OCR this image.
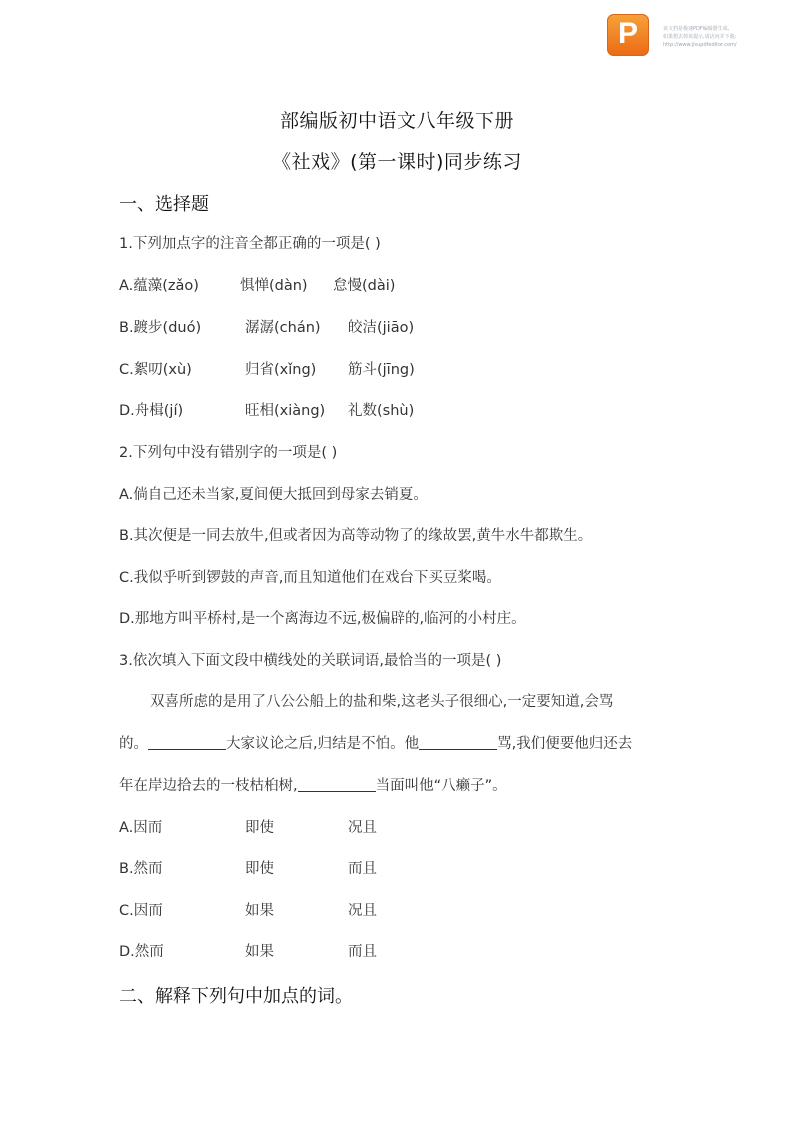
P	该文档是极速PDF编辑器生成,
如果想去掉该提示,请访问并下载:
http://www.jisupdfeditor.com/
部编版初中语文八年级下册
《社戏》(第一课时)同步练习
一、选择题
1.下列加点字的注音全都正确的一项是( )
A.蕴藻(zǎo)	惧惮(dàn) 怠慢(dài)
B.踱步(duó)	潺潺(chán) 皎洁(jiāo)
C.絮叨(xù)	归省(xǐng) 筋斗(jīng)
D.舟楫(jí)	旺相(xiàng) 礼数(shù)
2.下列句中没有错别字的一项是( )
A.倘自己还未当家,夏间便大抵回到母家去销夏。
B.其次便是一同去放牛,但或者因为高等动物了的缘故罢,黄牛水牛都欺生。
C.我似乎听到锣鼓的声音,而且知道他们在戏台下买豆桨喝。
D.那地方叫平桥村,是一个离海边不远,极偏辟的,临河的小村庄。
3.依次填入下面文段中横线处的关联词语,最恰当的一项是( )
双喜所虑的是用了八公公船上的盐和柴,这老头子很细心,一定要知道,会骂
的。	大家议论之后,归结是不怕。他	骂,我们便要他归还去
年在岸边拾去的一枝枯桕树,	当面叫他“八癞子”。
A.因而	即使	况且
B.然而	即使	而且
C.因而	如果	况且
D.然而	如果	而且
二、解释下列句中加点的词。
